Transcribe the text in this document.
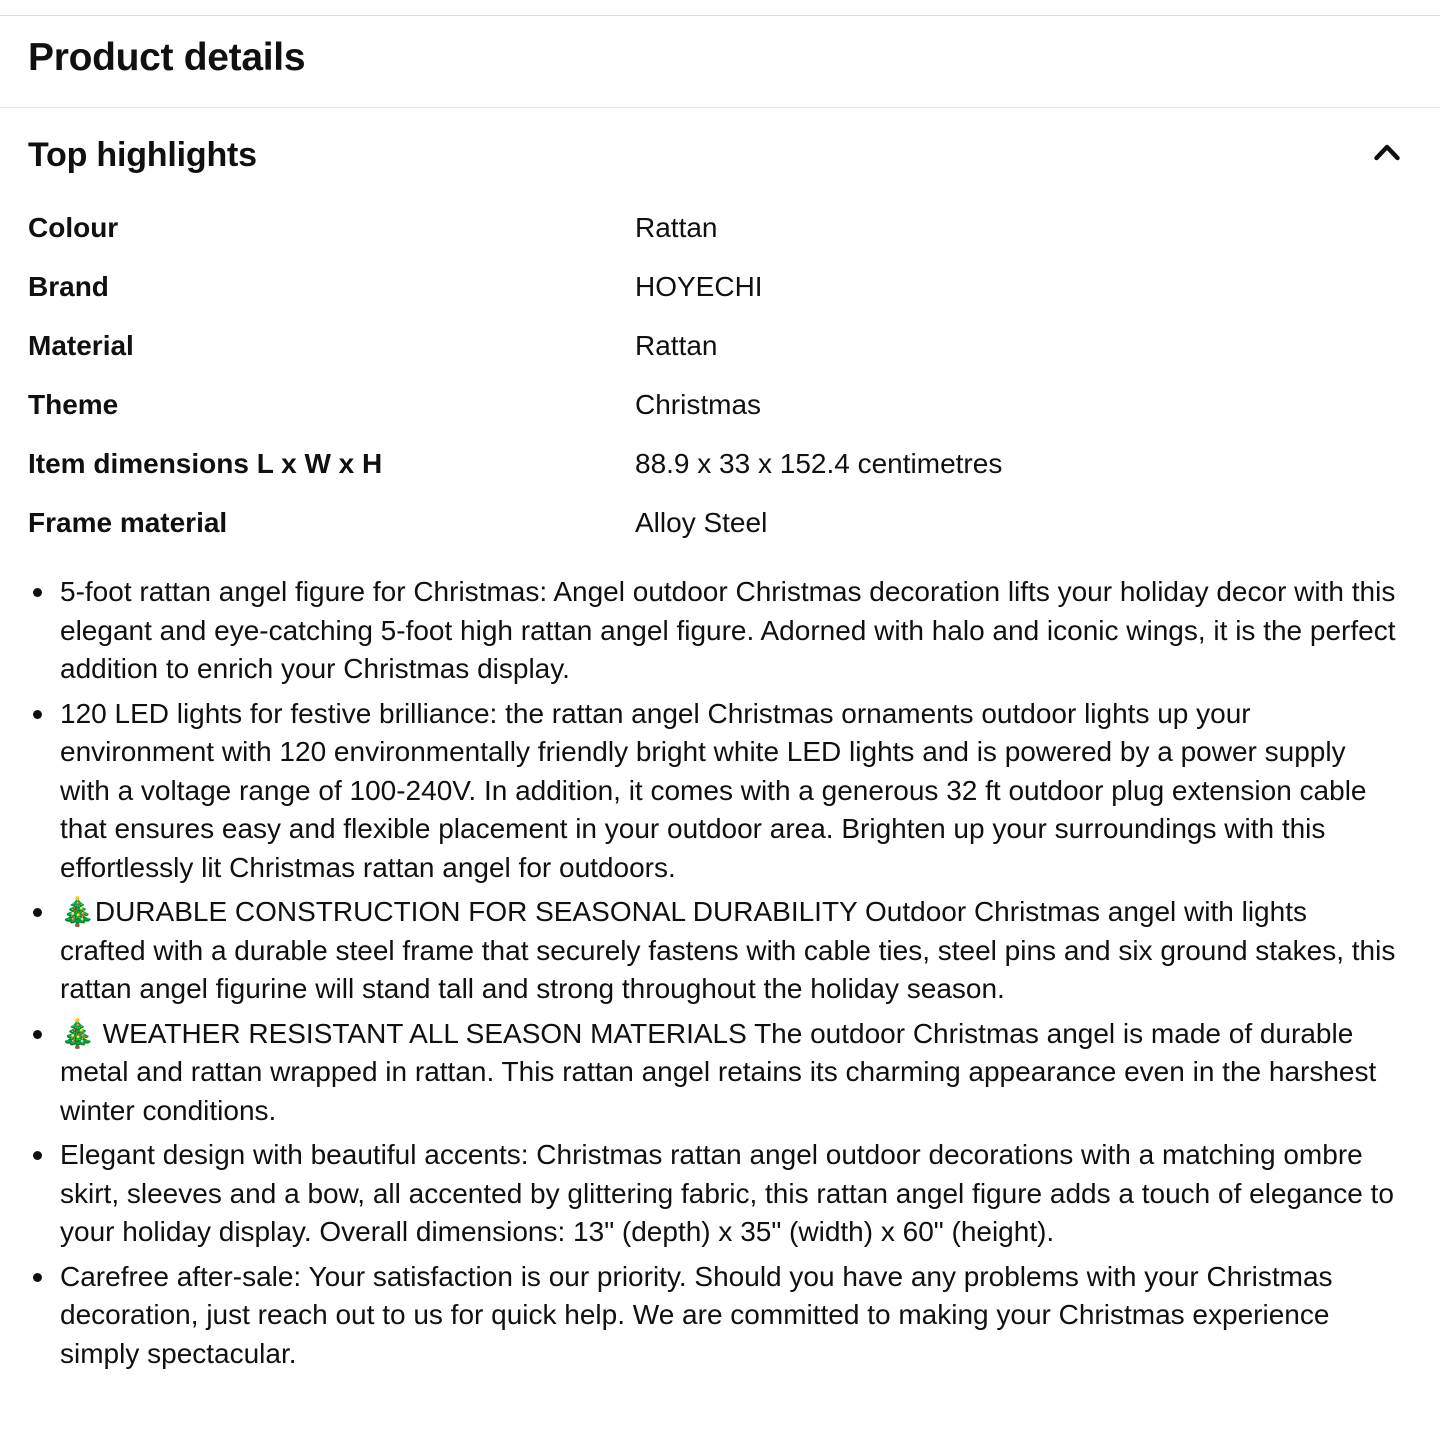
Product details
Top highlights
Colour	Rattan
Brand	HOYECHI
Material	Rattan
Theme	Christmas
Item dimensions L x W x H	88.9 x 33 x 152.4 centimetres
Frame material	Alloy Steel
5-foot rattan angel figure for Christmas: Angel outdoor Christmas decoration lifts your holiday decor with this elegant and eye-catching 5-foot high rattan angel figure. Adorned with halo and iconic wings, it is the perfect addition to enrich your Christmas display.
120 LED lights for festive brilliance: the rattan angel Christmas ornaments outdoor lights up your environment with 120 environmentally friendly bright white LED lights and is powered by a power supply with a voltage range of 100-240V. In addition, it comes with a generous 32 ft outdoor plug extension cable that ensures easy and flexible placement in your outdoor area. Brighten up your surroundings with this effortlessly lit Christmas rattan angel for outdoors.
🎄DURABLE CONSTRUCTION FOR SEASONAL DURABILITY Outdoor Christmas angel with lights crafted with a durable steel frame that securely fastens with cable ties, steel pins and six ground stakes, this rattan angel figurine will stand tall and strong throughout the holiday season.
🎄 WEATHER RESISTANT ALL SEASON MATERIALS The outdoor Christmas angel is made of durable metal and rattan wrapped in rattan. This rattan angel retains its charming appearance even in the harshest winter conditions.
Elegant design with beautiful accents: Christmas rattan angel outdoor decorations with a matching ombre skirt, sleeves and a bow, all accented by glittering fabric, this rattan angel figure adds a touch of elegance to your holiday display. Overall dimensions: 13" (depth) x 35" (width) x 60" (height).
Carefree after-sale: Your satisfaction is our priority. Should you have any problems with your Christmas decoration, just reach out to us for quick help. We are committed to making your Christmas experience simply spectacular.
